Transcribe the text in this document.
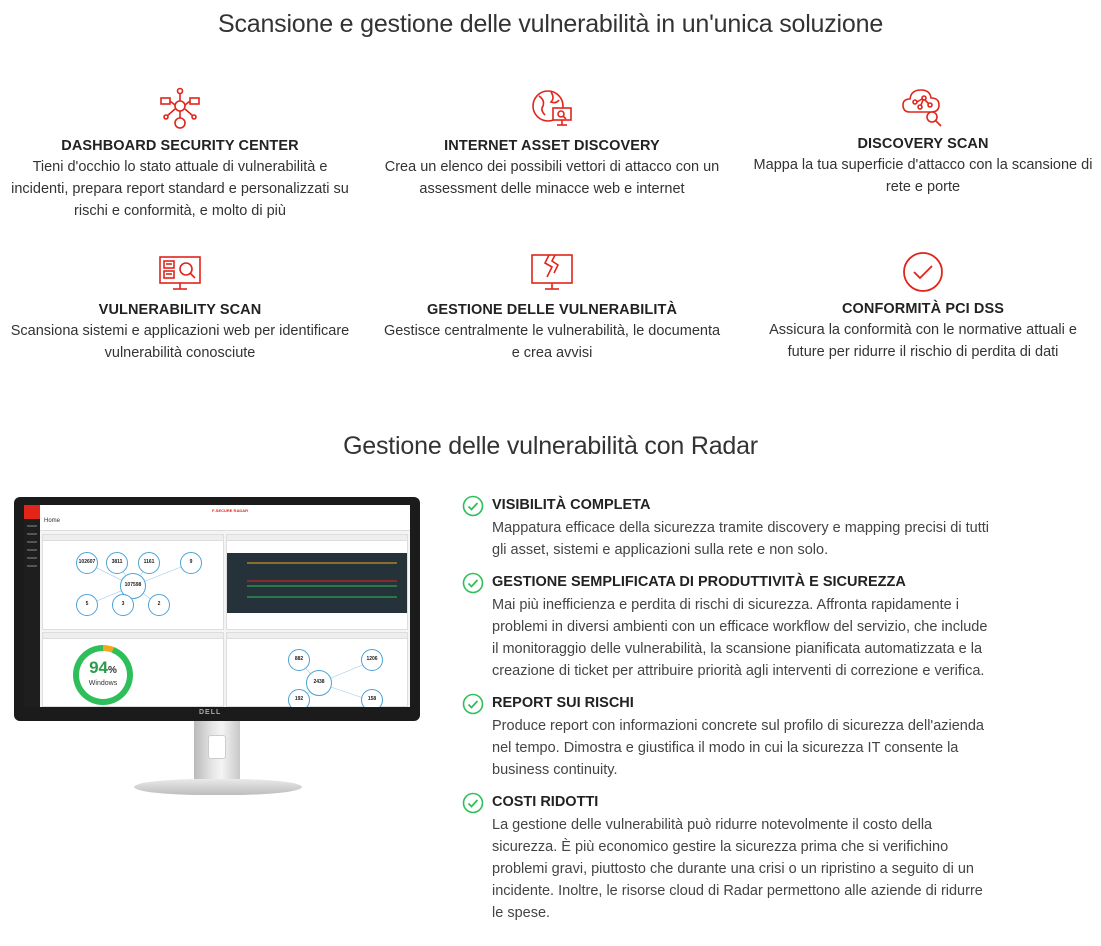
Scansione e gestione delle vulnerabilità in un'unica soluzione
DASHBOARD SECURITY CENTER
Tieni d'occhio lo stato attuale di vulnerabilità e
incidenti, prepara report standard e personalizzati su
rischi e conformità, e molto di più
INTERNET ASSET DISCOVERY
Crea un elenco dei possibili vettori di attacco con un
assessment delle minacce web e internet
DISCOVERY SCAN
Mappa la tua superficie d'attacco con la scansione di
rete e porte
VULNERABILITY SCAN
Scansiona sistemi e applicazioni web per identificare
vulnerabilità conosciute
GESTIONE DELLE VULNERABILITÀ
Gestisce centralmente le vulnerabilità, le documenta
e crea avvisi
CONFORMITÀ PCI DSS
Assicura la conformità con le normative attuali e
future per ridurre il rischio di perdita di dati
Gestione delle vulnerabilità con Radar
F-SECURE RADAR
Home
102607	3811	1161	9
107598
5	3	2
94%
Windows
882	1206
2438
192	158
DELL
VISIBILITÀ COMPLETA
Mappatura efficace della sicurezza tramite discovery e mapping precisi di tutti
gli asset, sistemi e applicazioni sulla rete e non solo.
GESTIONE SEMPLIFICATA DI PRODUTTIVITÀ E SICUREZZA
Mai più inefficienza e perdita di rischi di sicurezza. Affronta rapidamente i
problemi in diversi ambienti con un efficace workflow del servizio, che include
il monitoraggio delle vulnerabilità, la scansione pianificata automatizzata e la
creazione di ticket per attribuire priorità agli interventi di correzione e verifica.
REPORT SUI RISCHI
Produce report con informazioni concrete sul profilo di sicurezza dell'azienda
nel tempo. Dimostra e giustifica il modo in cui la sicurezza IT consente la
business continuity.
COSTI RIDOTTI
La gestione delle vulnerabilità può ridurre notevolmente il costo della
sicurezza. È più economico gestire la sicurezza prima che si verifichino
problemi gravi, piuttosto che durante una crisi o un ripristino a seguito di un
incidente. Inoltre, le risorse cloud di Radar permettono alle aziende di ridurre
le spese.
